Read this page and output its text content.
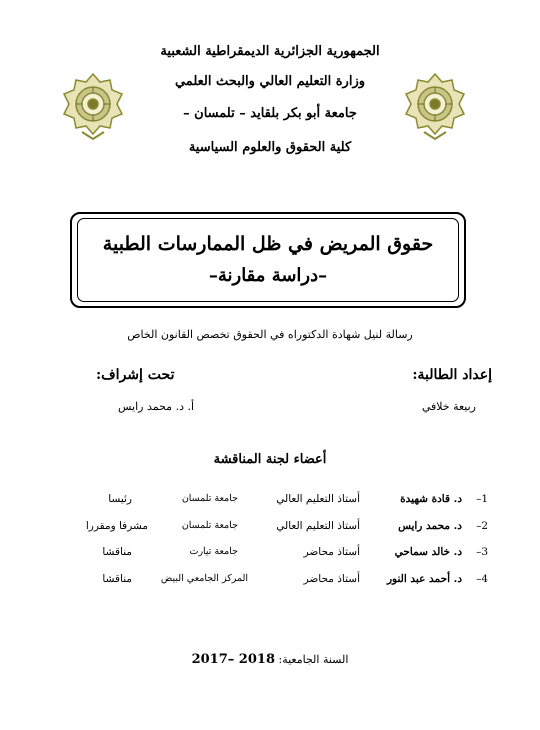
الجمهورية الجزائرية الديمقراطية الشعبية
وزارة التعليم العالي والبحث العلمي
جامعة أبو بكر بلقايد – تلمسان –
كلية الحقوق والعلوم السياسية
حقوق المريض في ظل الممارسات الطبية
–دراسة مقارنة–
رسالة لنيل شهادة الدكتوراه في الحقوق تخصص القانون الخاص
إعداد الطالبة:
ربيعة خلافي
تحت إشراف:
أ. د. محمد رايس
أعضاء لجنة المناقشة
1–
د. قادة شهيدة
أستاذ التعليم العالي
جامعة تلمسان
رئيسا
2–
د. محمد رايس
أستاذ التعليم العالي
جامعة تلمسان
مشرفا ومقررا
3–
د. خالد سماحي
أستاذ محاضر
جامعة تيارت
مناقشا
4–
د. أحمد عبد النور
أستاذ محاضر
المركز الجامعي البيض
مناقشا
السنة الجامعية: 2017– 2018
